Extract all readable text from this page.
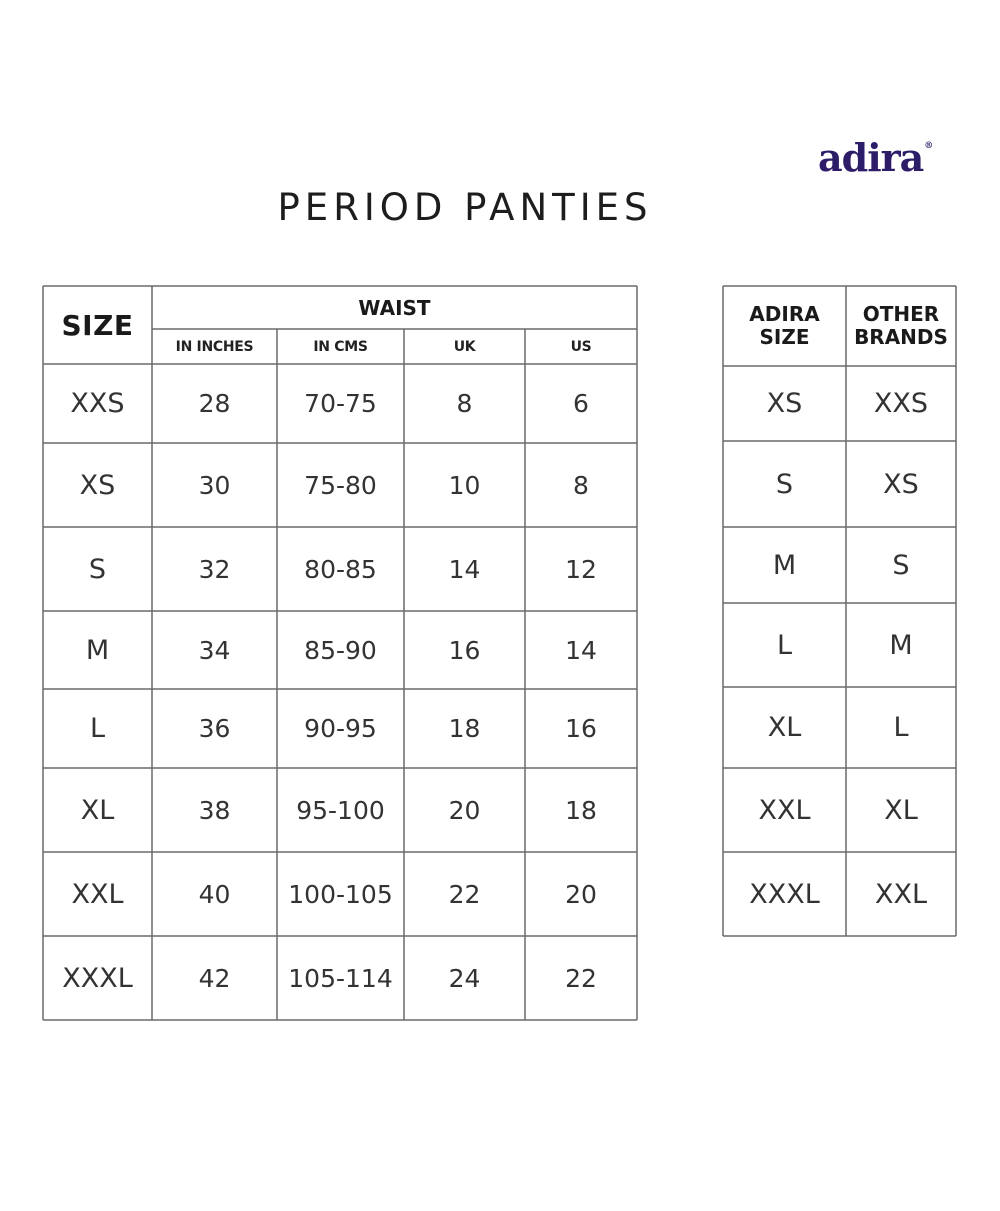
adira®
PERIOD PANTIES
SIZE
WAIST
IN INCHES	IN CMS	UK	US
XXS	28	70-75	8	6
XS	30	75-80	10	8
S	32	80-85	14	12
M	34	85-90	16	14
L	36	90-95	18	16
XL	38	95-100	20	18
XXL	40	100-105	22	20
XXXL	42	105-114	24	22
ADIRA
SIZE
OTHER
BRANDS
XS	XXS
S	XS
M	S
L	M
XL	L
XXL	XL
XXXL	XXL
